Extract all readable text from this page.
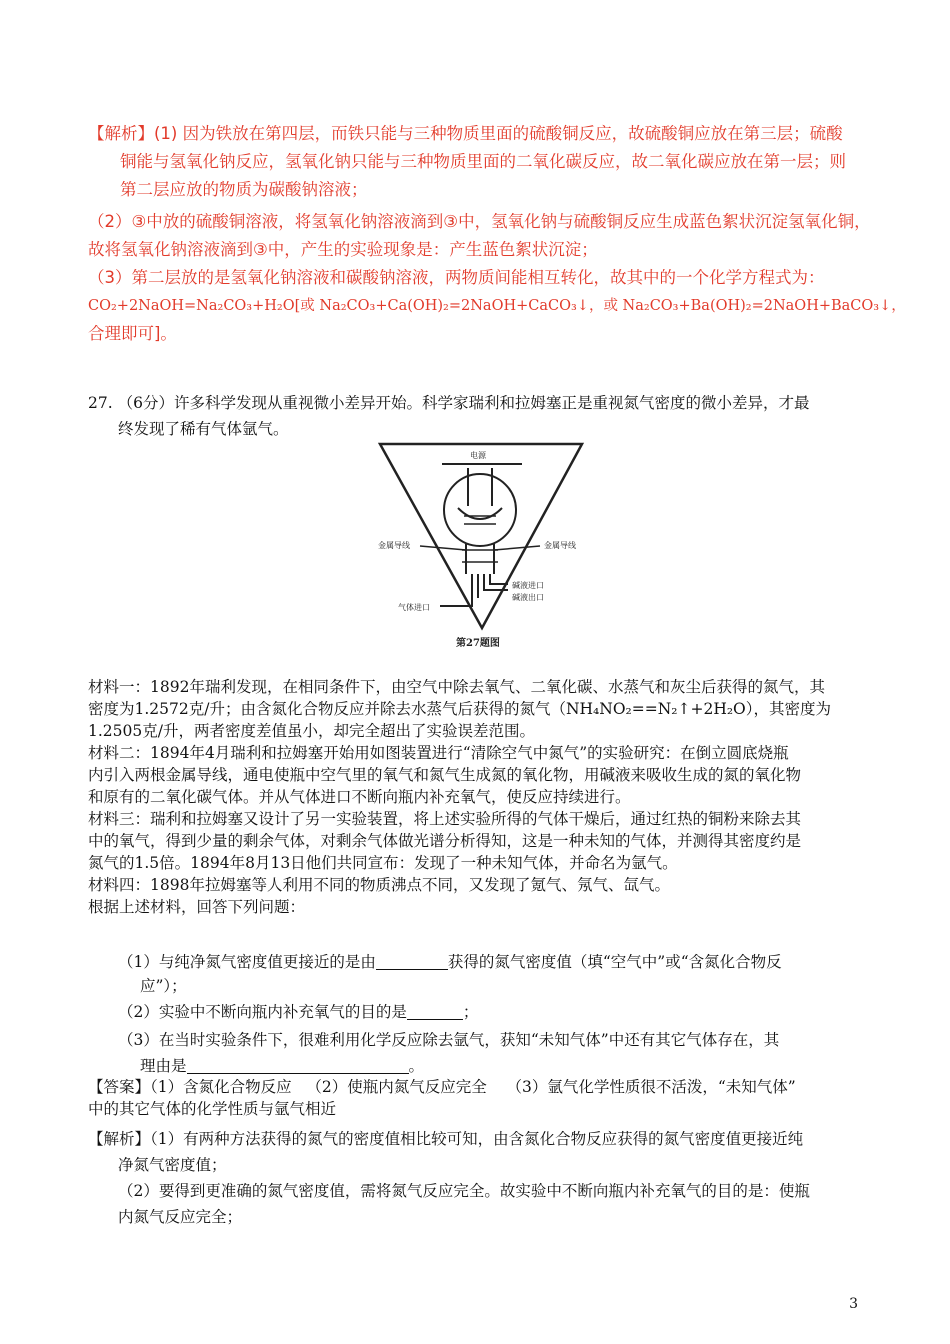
【解析】(1) 因为铁放在第四层，而铁只能与三种物质里面的硫酸铜反应，故硫酸铜应放在第三层；硫酸
铜能与氢氧化钠反应，氢氧化钠只能与三种物质里面的二氧化碳反应，故二氧化碳应放在第一层；则
第二层应放的物质为碳酸钠溶液；
（2）③中放的硫酸铜溶液，将氢氧化钠溶液滴到③中，氢氧化钠与硫酸铜反应生成蓝色絮状沉淀氢氧化铜，
故将氢氧化钠溶液滴到③中，产生的实验现象是：产生蓝色絮状沉淀；
（3）第二层放的是氢氧化钠溶液和碳酸钠溶液，两物质间能相互转化，故其中的一个化学方程式为：
CO₂+2NaOH=Na₂CO₃+H₂O[或 Na₂CO₃+Ca(OH)₂=2NaOH+CaCO₃↓，或 Na₂CO₃+Ba(OH)₂=2NaOH+BaCO₃↓，
合理即可]。
27. （6分）许多科学发现从重视微小差异开始。科学家瑞利和拉姆塞正是重视氮气密度的微小差异，才最
终发现了稀有气体氩气。
电源
金属导线	金属导线
碱液进口
碱液出口
气体进口
第27题图
材料一：1892年瑞利发现，在相同条件下，由空气中除去氧气、二氧化碳、水蒸气和灰尘后获得的氮气，其
密度为1.2572克/升；由含氮化合物反应并除去水蒸气后获得的氮气（NH₄NO₂==N₂↑+2H₂O），其密度为
1.2505克/升，两者密度差值虽小，却完全超出了实验误差范围。
材料二：1894年4月瑞利和拉姆塞开始用如图装置进行“清除空气中氮气”的实验研究：在倒立圆底烧瓶
内引入两根金属导线，通电使瓶中空气里的氧气和氮气生成氮的氧化物，用碱液来吸收生成的氮的氧化物
和原有的二氧化碳气体。并从气体进口不断向瓶内补充氧气，使反应持续进行。
材料三：瑞利和拉姆塞又设计了另一实验装置，将上述实验所得的气体干燥后，通过红热的铜粉来除去其
中的氧气，得到少量的剩余气体，对剩余气体做光谱分析得知，这是一种未知的气体，并测得其密度约是
氮气的1.5倍。1894年8月13日他们共同宣布：发现了一种未知气体，并命名为氩气。
材料四：1898年拉姆塞等人利用不同的物质沸点不同，又发现了氪气、氖气、氙气。
根据上述材料，回答下列问题：
（1）与纯净氮气密度值更接近的是由	获得的氮气密度值（填“空气中”或“含氮化合物反
应”）；
（2）实验中不断向瓶内补充氧气的目的是	；
（3）在当时实验条件下，很难利用化学反应除去氩气，获知“未知气体”中还有其它气体存在，其
理由是	。
【答案】（1）含氮化合物反应 （2）使瓶内氮气反应完全 （3）氩气化学性质很不活泼，“未知气体”
中的其它气体的化学性质与氩气相近
【解析】（1）有两种方法获得的氮气的密度值相比较可知，由含氮化合物反应获得的氮气密度值更接近纯
净氮气密度值；
（2）要得到更准确的氮气密度值，需将氮气反应完全。故实验中不断向瓶内补充氧气的目的是：使瓶
内氮气反应完全；
3
